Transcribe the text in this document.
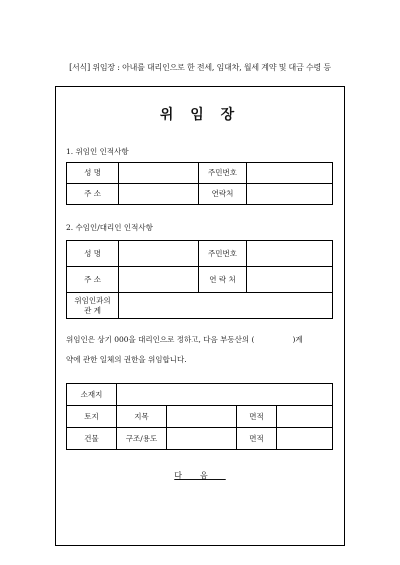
[서식] 위임장 : 아내를 대리인으로 한 전세, 임대차, 월세 계약 및 대금 수령 등
위 임 장
1. 위임인 인적사항
성 명		주민번호	
주 소		연락처	
2. 수임인/대리인 인적사항
성 명		주민번호	
주 소		연 락 처	

위임인과의
관 계			

위임인은 상기 000을 대리인으로 정하고, 다음 부동산의 (	)계
약에 관한 일체의 권한을 위임합니다.
소재지				
토지	지목		면적	
건물	구조/용도		면적	
다음
